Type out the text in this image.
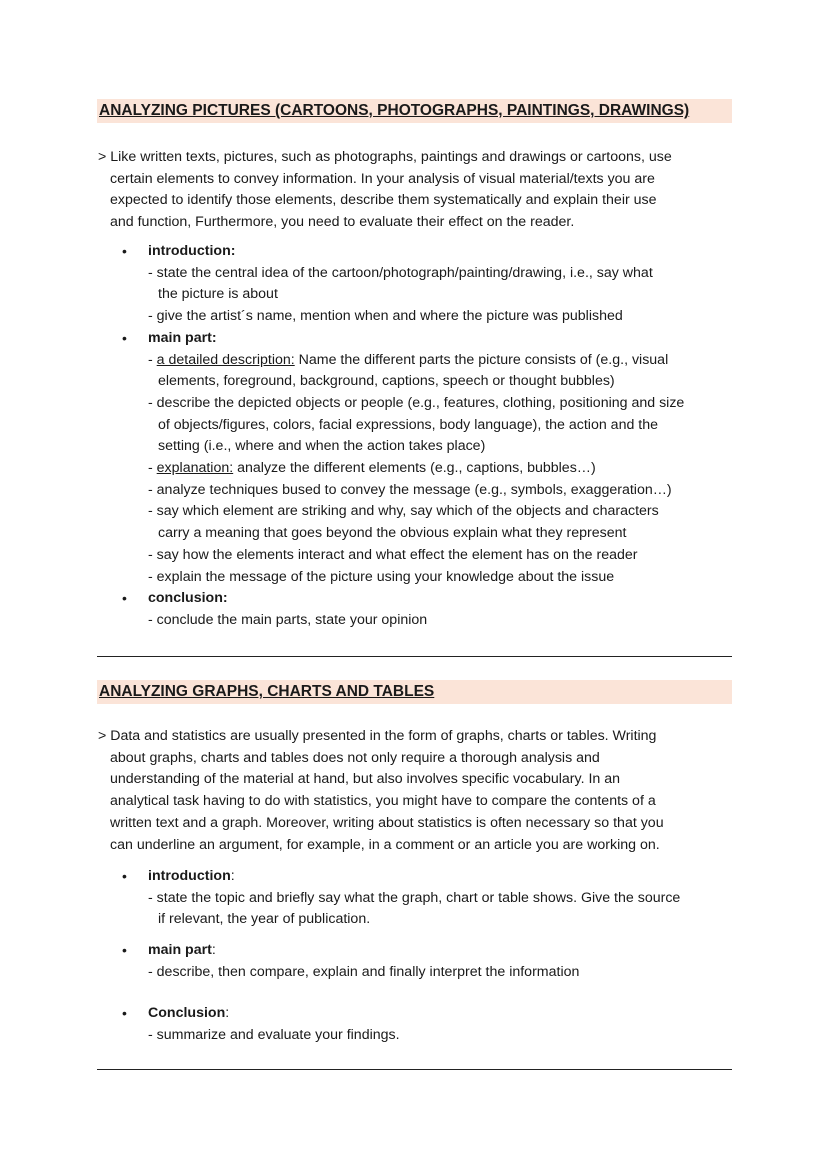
ANALYZING PICTURES (CARTOONS, PHOTOGRAPHS, PAINTINGS, DRAWINGS)
> Like written texts, pictures, such as photographs, paintings and drawings or cartoons, use
certain elements to convey information. In your analysis of visual material/texts you are
expected to identify those elements, describe them systematically and explain their use
and function, Furthermore, you need to evaluate their effect on the reader.
• introduction:
- state the central idea of the cartoon/photograph/painting/drawing, i.e., say what
the picture is about
- give the artist´s name, mention when and where the picture was published
• main part:
- a detailed description: Name the different parts the picture consists of (e.g., visual
elements, foreground, background, captions, speech or thought bubbles)
- describe the depicted objects or people (e.g., features, clothing, positioning and size
of objects/figures, colors, facial expressions, body language), the action and the
setting (i.e., where and when the action takes place)
- explanation: analyze the different elements (e.g., captions, bubbles…)
- analyze techniques bused to convey the message (e.g., symbols, exaggeration…)
- say which element are striking and why, say which of the objects and characters
carry a meaning that goes beyond the obvious explain what they represent
- say how the elements interact and what effect the element has on the reader
- explain the message of the picture using your knowledge about the issue
• conclusion:
- conclude the main parts, state your opinion
ANALYZING GRAPHS, CHARTS AND TABLES
> Data and statistics are usually presented in the form of graphs, charts or tables. Writing
about graphs, charts and tables does not only require a thorough analysis and
understanding of the material at hand, but also involves specific vocabulary. In an
analytical task having to do with statistics, you might have to compare the contents of a
written text and a graph. Moreover, writing about statistics is often necessary so that you
can underline an argument, for example, in a comment or an article you are working on.
• introduction:
- state the topic and briefly say what the graph, chart or table shows. Give the source
if relevant, the year of publication.
• main part:
- describe, then compare, explain and finally interpret the information
• Conclusion:
- summarize and evaluate your findings.
